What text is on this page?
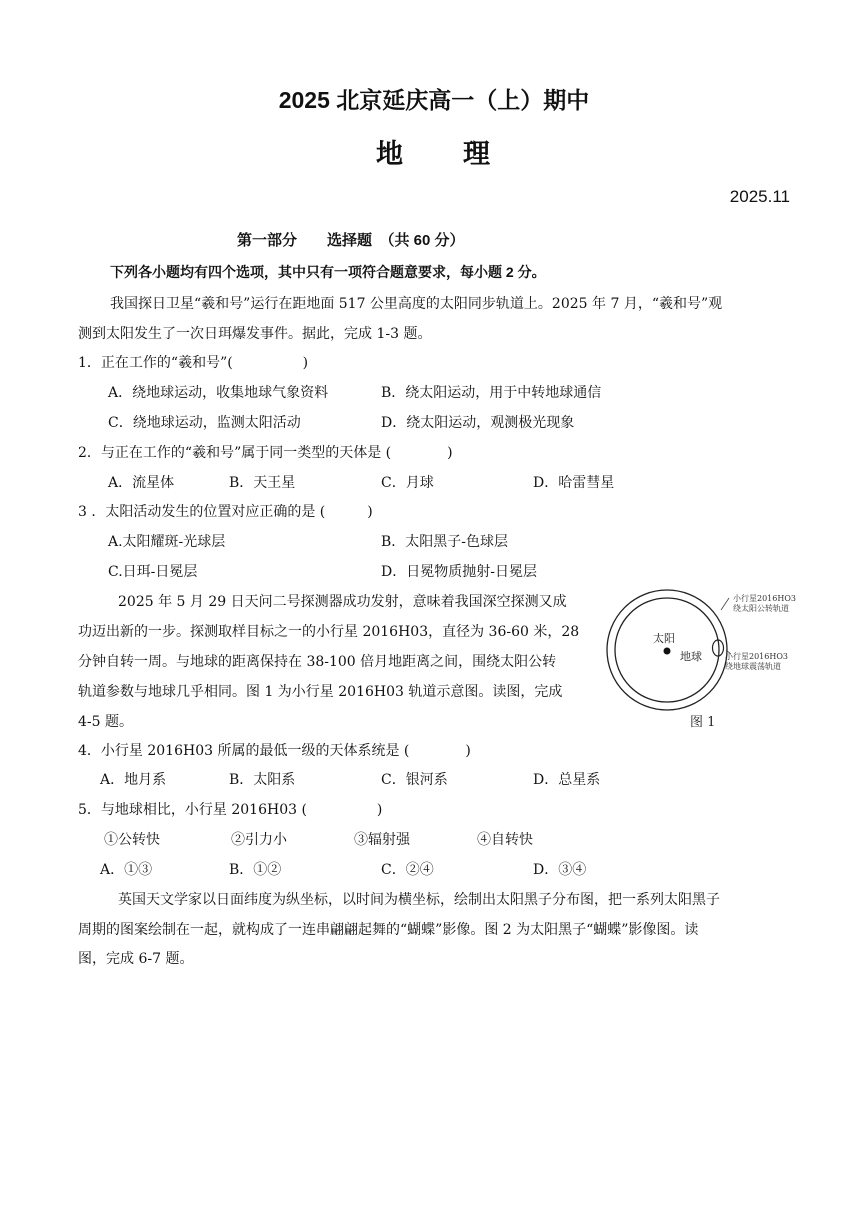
2025 北京延庆高一（上）期中
地　　理
2025.11
第一部分　　选择题　（共 60 分）
下列各小题均有四个选项，其中只有一项符合题意要求，每小题 2 分。
我国探日卫星“羲和号”运行在距地面 517 公里高度的太阳同步轨道上。2025 年 7 月，“羲和号”观
测到太阳发生了一次日珥爆发事件。据此，完成 1-3 题。
1．正在工作的“羲和号”(　　　　　)
A．绕地球运动，收集地球气象资料	B．绕太阳运动，用于中转地球通信
C．绕地球运动，监测太阳活动	D．绕太阳运动，观测极光现象
2．与正在工作的“羲和号”属于同一类型的天体是 (　　　　)
A．流星体	B．天王星	C．月球	D．哈雷彗星
3 ．太阳活动发生的位置对应正确的是 (　　　)
A.太阳耀斑-光球层	B．太阳黑子-色球层
C.日珥-日冕层	D．日冕物质抛射-日冕层
2025 年 5 月 29 日天问二号探测器成功发射，意味着我国深空探测又成
功迈出新的一步。探测取样目标之一的小行星 2016H03，直径为 36-60 米，28
分钟自转一周。与地球的距离保持在 38-100 倍月地距离之间，围绕太阳公转
轨道参数与地球几乎相同。图 1 为小行星 2016H03 轨道示意图。读图，完成
4-5 题。
小行星2016HO3
绕太阳公转轨道
太阳
地球	小行星2016HO3
绕地球震荡轨道
图 1
4．小行星 2016H03 所属的最低一级的天体系统是 (　　　　)
A．地月系	B．太阳系	C．银河系	D．总星系
5．与地球相比，小行星 2016H03 (　　　　　)
①公转快	②引力小	③辐射强	④自转快
A．①③	B．①②	C．②④	D．③④
英国天文学家以日面纬度为纵坐标，以时间为横坐标，绘制出太阳黑子分布图，把一系列太阳黑子
周期的图案绘制在一起，就构成了一连串翩翩起舞的“蝴蝶”影像。图 2 为太阳黑子“蝴蝶”影像图。读
图，完成 6-7 题。
